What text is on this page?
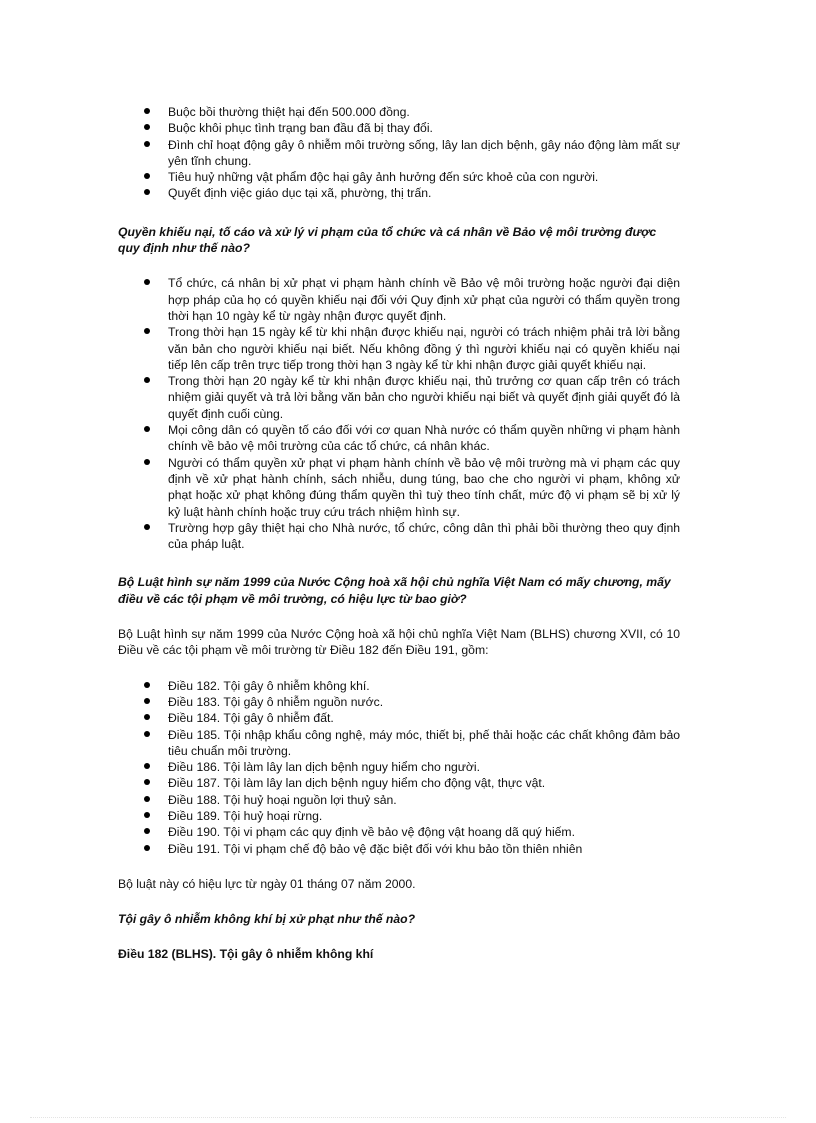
Buộc bồi thường thiệt hại đến 500.000 đồng.
Buộc khôi phục tình trạng ban đầu đã bị thay đổi.
Đình chỉ hoạt động gây ô nhiễm môi trường sống, lây lan dịch bệnh, gây náo động làm mất sự yên tĩnh chung.
Tiêu huỷ những vật phẩm độc hại gây ảnh hưởng đến sức khoẻ của con người.
Quyết định việc giáo dục tại xã, phường, thị trấn.

Quyền khiếu nại, tố cáo và xử lý vi phạm của tổ chức và cá nhân về Bảo vệ môi trường được quy định như thế nào?

Tổ chức, cá nhân bị xử phạt vi phạm hành chính về Bảo vệ môi trường hoặc người đại diện hợp pháp của họ có quyền khiếu nại đối với Quy định xử phạt của người có thẩm quyền trong thời hạn 10 ngày kể từ ngày nhận được quyết định.
Trong thời hạn 15 ngày kể từ khi nhận được khiếu nại, người có trách nhiệm phải trả lời bằng văn bản cho người khiếu nại biết. Nếu không đồng ý thì người khiếu nại có quyền khiếu nại tiếp lên cấp trên trực tiếp trong thời hạn 3 ngày kể từ khi nhận được giải quyết khiếu nại.
Trong thời hạn 20 ngày kể từ khi nhận được khiếu nại, thủ trưởng cơ quan cấp trên có trách nhiệm giải quyết và trả lời bằng văn bản cho người khiếu nại biết và quyết định giải quyết đó là quyết định cuối cùng.
Mọi công dân có quyền tố cáo đối với cơ quan Nhà nước có thẩm quyền những vi phạm hành chính về bảo vệ môi trường của các tổ chức, cá nhân khác.
Người có thẩm quyền xử phạt vi phạm hành chính về bảo vệ môi trường mà vi phạm các quy định về xử phạt hành chính, sách nhiễu, dung túng, bao che cho người vi phạm, không xử phạt hoặc xử phạt không đúng thẩm quyền thì tuỳ theo tính chất, mức độ vi phạm sẽ bị xử lý kỷ luật hành chính hoặc truy cứu trách nhiệm hình sự.
Trường hợp gây thiệt hại cho Nhà nước, tổ chức, công dân thì phải bồi thường theo quy định của pháp luật.

Bộ Luật hình sự năm 1999 của Nước Cộng hoà xã hội chủ nghĩa Việt Nam có mấy chương, mấy điều về các tội phạm về môi trường, có hiệu lực từ bao giờ?

Bộ Luật hình sự năm 1999 của Nước Cộng hoà xã hội chủ nghĩa Việt Nam (BLHS) chương XVII, có 10 Điều về các tội phạm về môi trường từ Điều 182 đến Điều 191, gồm:

Điều 182. Tội gây ô nhiễm không khí.
Điều 183. Tội gây ô nhiễm nguồn nước.
Điều 184. Tội gây ô nhiễm đất.
Điều 185. Tội nhập khẩu công nghệ, máy móc, thiết bị, phế thải hoặc các chất không đảm bảo tiêu chuẩn môi trường.
Điều 186. Tội làm lây lan dịch bệnh nguy hiểm cho người.
Điều 187. Tội làm lây lan dịch bệnh nguy hiểm cho động vật, thực vật.
Điều 188. Tội huỷ hoại nguồn lợi thuỷ sản.
Điều 189. Tội huỷ hoại rừng.
Điều 190. Tội vi phạm các quy định về bảo vệ động vật hoang dã quý hiếm.
Điều 191. Tội vi phạm chế độ bảo vệ đặc biệt đối với khu bảo tồn thiên nhiên

Bộ luật này có hiệu lực từ ngày 01 tháng 07 năm 2000.

Tội gây ô nhiễm không khí bị xử phạt như thế nào?

Điều 182 (BLHS). Tội gây ô nhiễm không khí
